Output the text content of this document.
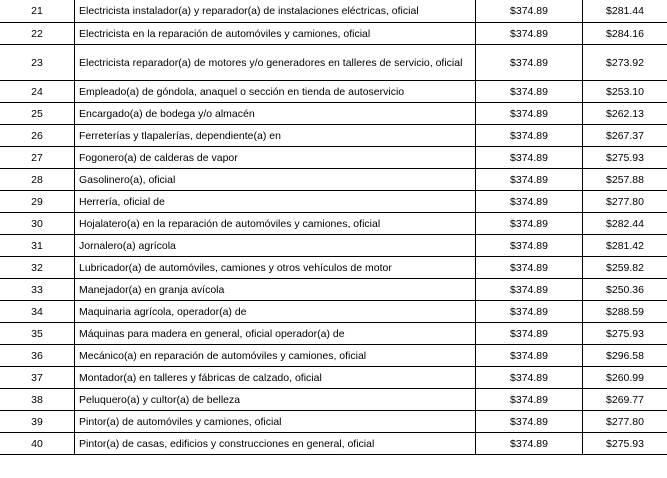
21	Electricista instalador(a) y reparador(a) de instalaciones eléctricas, oficial	$374.89	$281.44
22	Electricista en la reparación de automóviles y camiones, oficial	$374.89	$284.16
23	Electricista reparador(a) de motores y/o generadores en talleres de servicio, oficial	$374.89	$273.92
24	Empleado(a) de góndola, anaquel o sección en tienda de autoservicio	$374.89	$253.10
25	Encargado(a) de bodega y/o almacén	$374.89	$262.13
26	Ferreterías y tlapalerías, dependiente(a) en	$374.89	$267.37
27	Fogonero(a) de calderas de vapor	$374.89	$275.93
28	Gasolinero(a), oficial	$374.89	$257.88
29	Herrería, oficial de	$374.89	$277.80
30	Hojalatero(a) en la reparación de automóviles y camiones, oficial	$374.89	$282.44
31	Jornalero(a) agrícola	$374.89	$281.42
32	Lubricador(a) de automóviles, camiones y otros vehículos de motor	$374.89	$259.82
33	Manejador(a) en granja avícola	$374.89	$250.36
34	Maquinaria agrícola, operador(a) de	$374.89	$288.59
35	Máquinas para madera en general, oficial operador(a) de	$374.89	$275.93
36	Mecánico(a) en reparación de automóviles y camiones, oficial	$374.89	$296.58
37	Montador(a) en talleres y fábricas de calzado, oficial	$374.89	$260.99
38	Peluquero(a) y cultor(a) de belleza	$374.89	$269.77
39	Pintor(a) de automóviles y camiones, oficial	$374.89	$277.80
40	Pintor(a) de casas, edificios y construcciones en general, oficial	$374.89	$275.93
